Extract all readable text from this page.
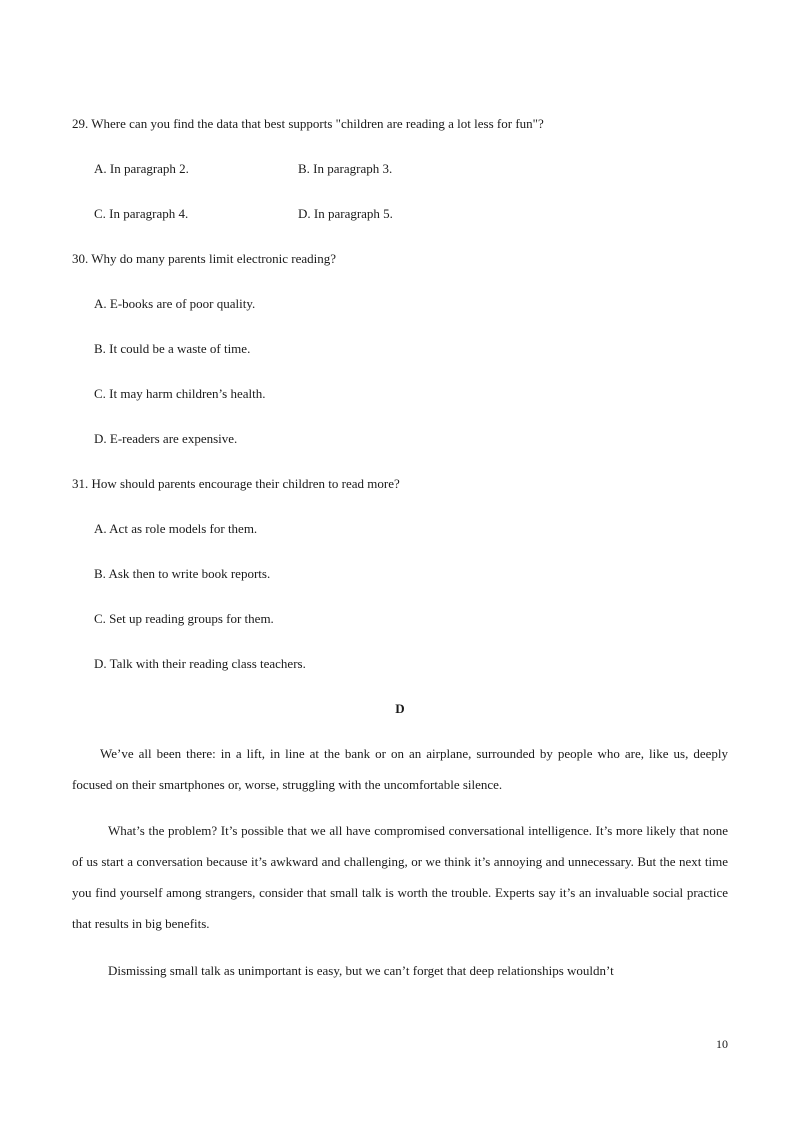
29. Where can you find the data that best supports "children are reading a lot less for fun"?
A. In paragraph 2.	B. In paragraph 3.
C. In paragraph 4.	D. In paragraph 5.
30. Why do many parents limit electronic reading?
A. E-books are of poor quality.
B. It could be a waste of time.
C. It may harm children’s health.
D. E-readers are expensive.
31. How should parents encourage their children to read more?
A. Act as role models for them.
B. Ask then to write book reports.
C. Set up reading groups for them.
D. Talk with their reading class teachers.
D
We’ve all been there: in a lift, in line at the bank or on an airplane, surrounded by people who are, like us, deeply focused on their smartphones or, worse, struggling with the uncomfortable silence.
What’s the problem? It’s possible that we all have compromised conversational intelligence. It’s more likely that none of us start a conversation because it’s awkward and challenging, or we think it’s annoying and unnecessary. But the next time you find yourself among strangers, consider that small talk is worth the trouble. Experts say it’s an invaluable social practice that results in big benefits.
Dismissing small talk as unimportant is easy, but we can’t forget that deep relationships wouldn’t
10
